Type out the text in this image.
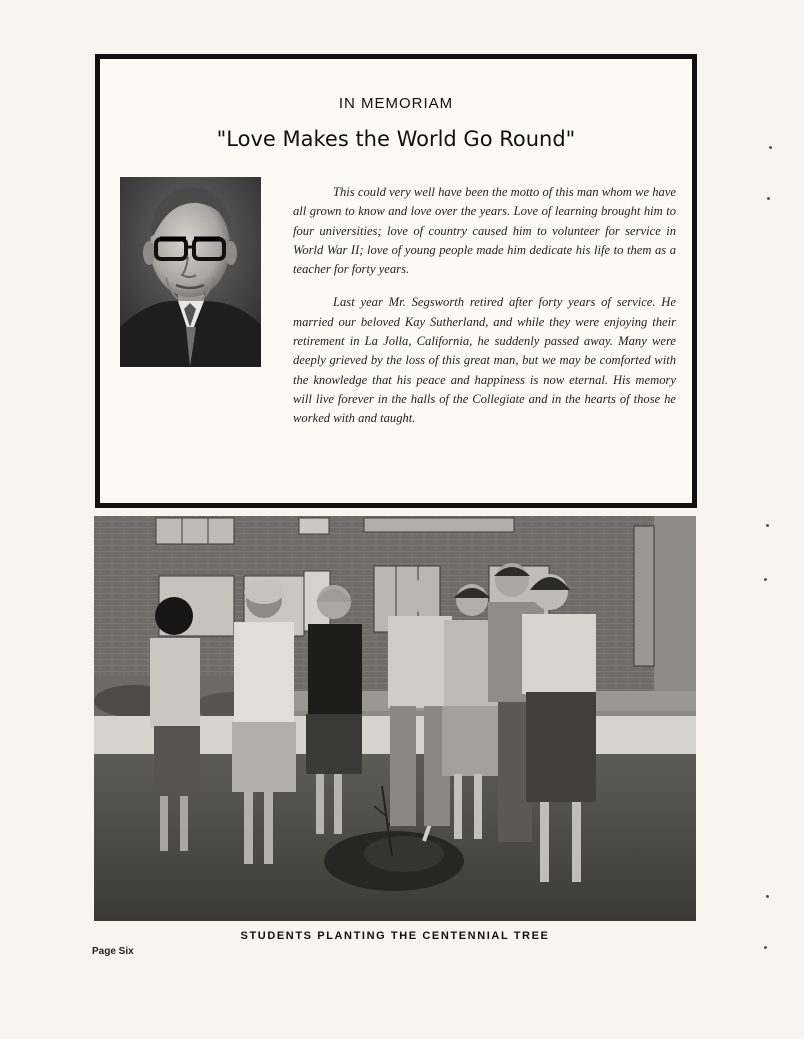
IN MEMORIAM
"Love Makes the World Go Round"

This could very well have been the motto of this man whom we have all grown to know and love over the years. Love of learning brought him to four universities; love of country caused him to volunteer for service in World War II; love of young people made him dedicate his life to them as a teacher for forty years.

Last year Mr. Segsworth retired after forty years of service. He married our beloved Kay Sutherland, and while they were enjoying their retirement in La Jolla, California, he suddenly passed away. Many were deeply grieved by the loss of this great man, but we may be comforted with the knowledge that his peace and happiness is now eternal. His memory will live forever in the halls of the Collegiate and in the hearts of those he worked with and taught.

STUDENTS PLANTING THE CENTENNIAL TREE
Page Six
